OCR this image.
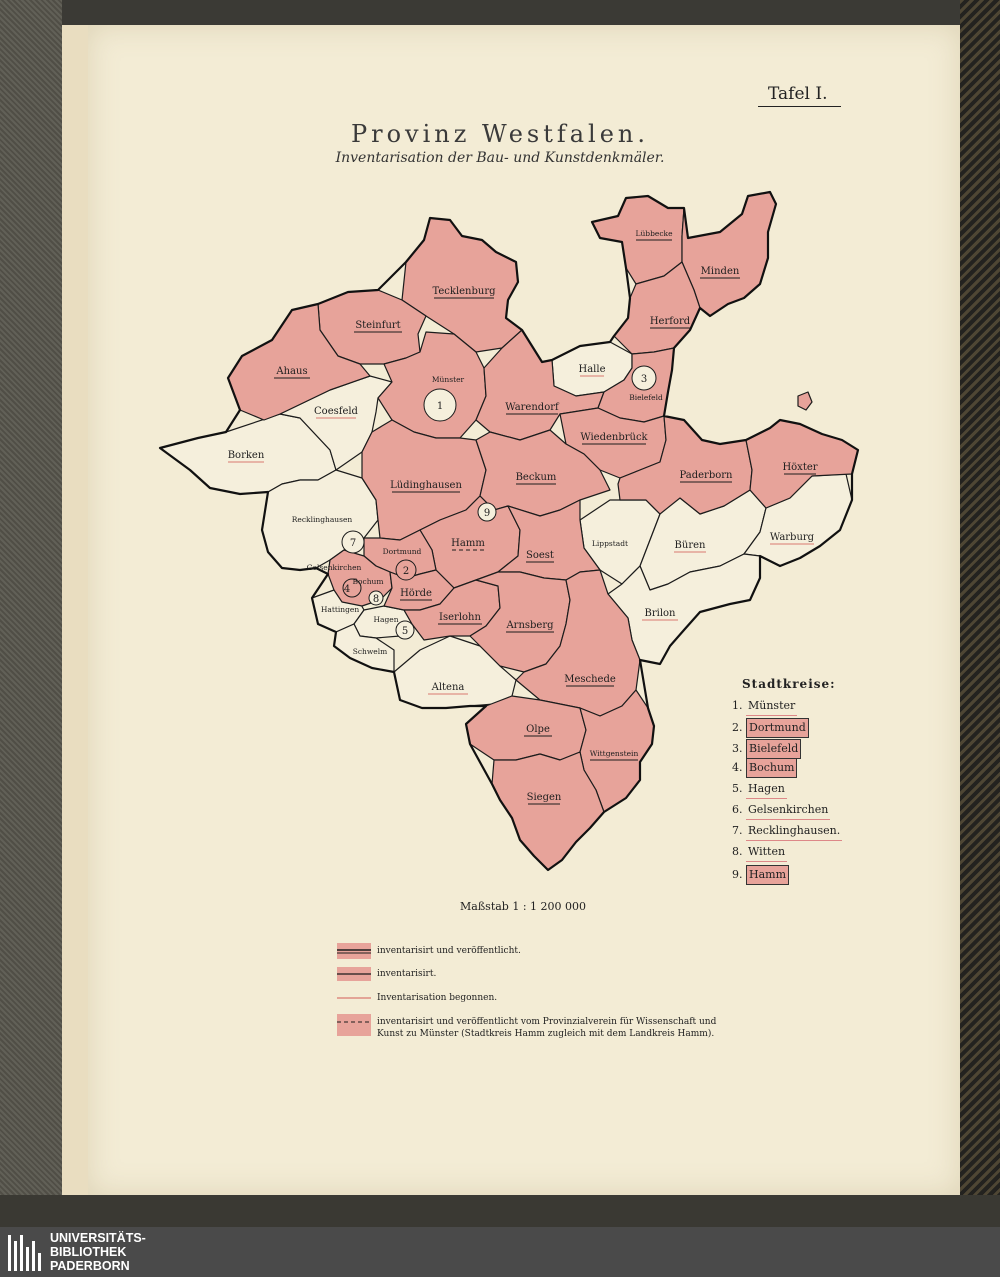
Tafel I.
Provinz Westfalen.
Inventarisation der Bau- und Kunstdenkmäler.
1
2
3
4
5
7
8
9
Lübbecke
Minden
Tecklenburg
Steinfurt
Ahaus
Herford
Halle
Münster
Bielefeld
Warendorf
Coesfeld
Wiedenbrück
Höxter
Borken
Paderborn
Lüdinghausen
Beckum
Recklinghausen
Warburg
Dortmund
Hamm
Soest
Lippstadt	Büren
Gelsenkirchen
Bochum
Hörde
Hattingen
Hagen	Iserlohn
Arnsberg
Brilon
Schwelm
Altena
Meschede
Olpe
Wittgenstein
Siegen
Stadtkreise:
1. Münster
2. Dortmund
3. Bielefeld
4. Bochum
5. Hagen
6. Gelsenkirchen
7. Recklinghausen.
8. Witten
9. Hamm
Maßstab 1 : 1 200 000
inventarisirt und veröffentlicht.
inventarisirt.
Inventarisation begonnen.
inventarisirt und veröffentlicht vom Provinzialverein für Wissenschaft und Kunst zu Münster (Stadtkreis Hamm zugleich mit dem Landkreis Hamm).
UNIVERSITÄTS-
BIBLIOTHEK
PADERBORN
